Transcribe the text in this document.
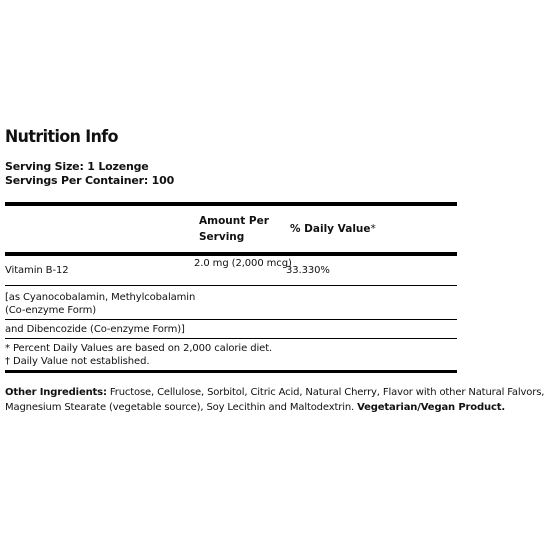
Nutrition Info
Serving Size: 1 Lozenge
Servings Per Container: 100
Amount Per
Serving
% Daily Value*
Vitamin B-12
2.0 mg (2,000 mcg)
33.330%
[as Cyanocobalamin, Methylcobalamin
(Co-enzyme Form)
and Dibencozide (Co-enzyme Form)]
* Percent Daily Values are based on 2,000 calorie diet.
† Daily Value not established.
Other Ingredients: Fructose, Cellulose, Sorbitol, Citric Acid, Natural Cherry, Flavor with other Natural Falvors, Magnesium Stearate (vegetable source), Soy Lecithin and Maltodextrin. Vegetarian/Vegan Product.
